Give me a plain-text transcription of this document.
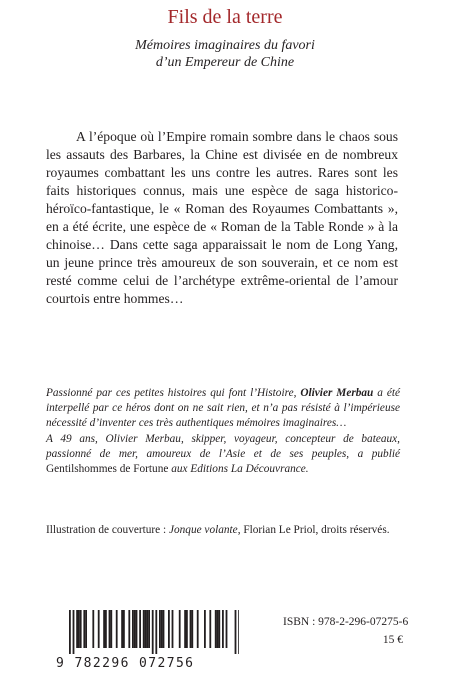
Fils de la terre
Mémoires imaginaires du favori
d’un Empereur de Chine

A l’époque où l’Empire romain sombre dans le chaos sous les assauts des Barbares, la Chine est divisée en de nombreux royaumes combattant les uns contre les autres. Rares sont les faits historiques connus, mais une espèce de saga historico-héroïco-fantastique, le « Roman des Royaumes Combattants », en a été écrite, une espèce de « Roman de la Table Ronde » à la chinoise… Dans cette saga apparaissait le nom de Long Yang, un jeune prince très amoureux de son souverain, et ce nom est resté comme celui de l’archétype extrême-oriental de l’amour courtois entre hommes…

Passionné par ces petites histoires qui font l’Histoire, Olivier Merbau a été interpellé par ce héros dont on ne sait rien, et n’a pas résisté à l’impérieuse nécessité d’inventer ces très authentiques mémoires imaginaires…

A 49 ans, Olivier Merbau, skipper, voyageur, concepteur de bateaux, passionné de mer, amoureux de l’Asie et de ses peuples, a publié Gentilshommes de Fortune aux Editions La Découvrance.

Illustration de couverture : Jonque volante, Florian Le Priol, droits réservés.
9 782296 072756
ISBN : 978-2-296-07275-6
15 €
